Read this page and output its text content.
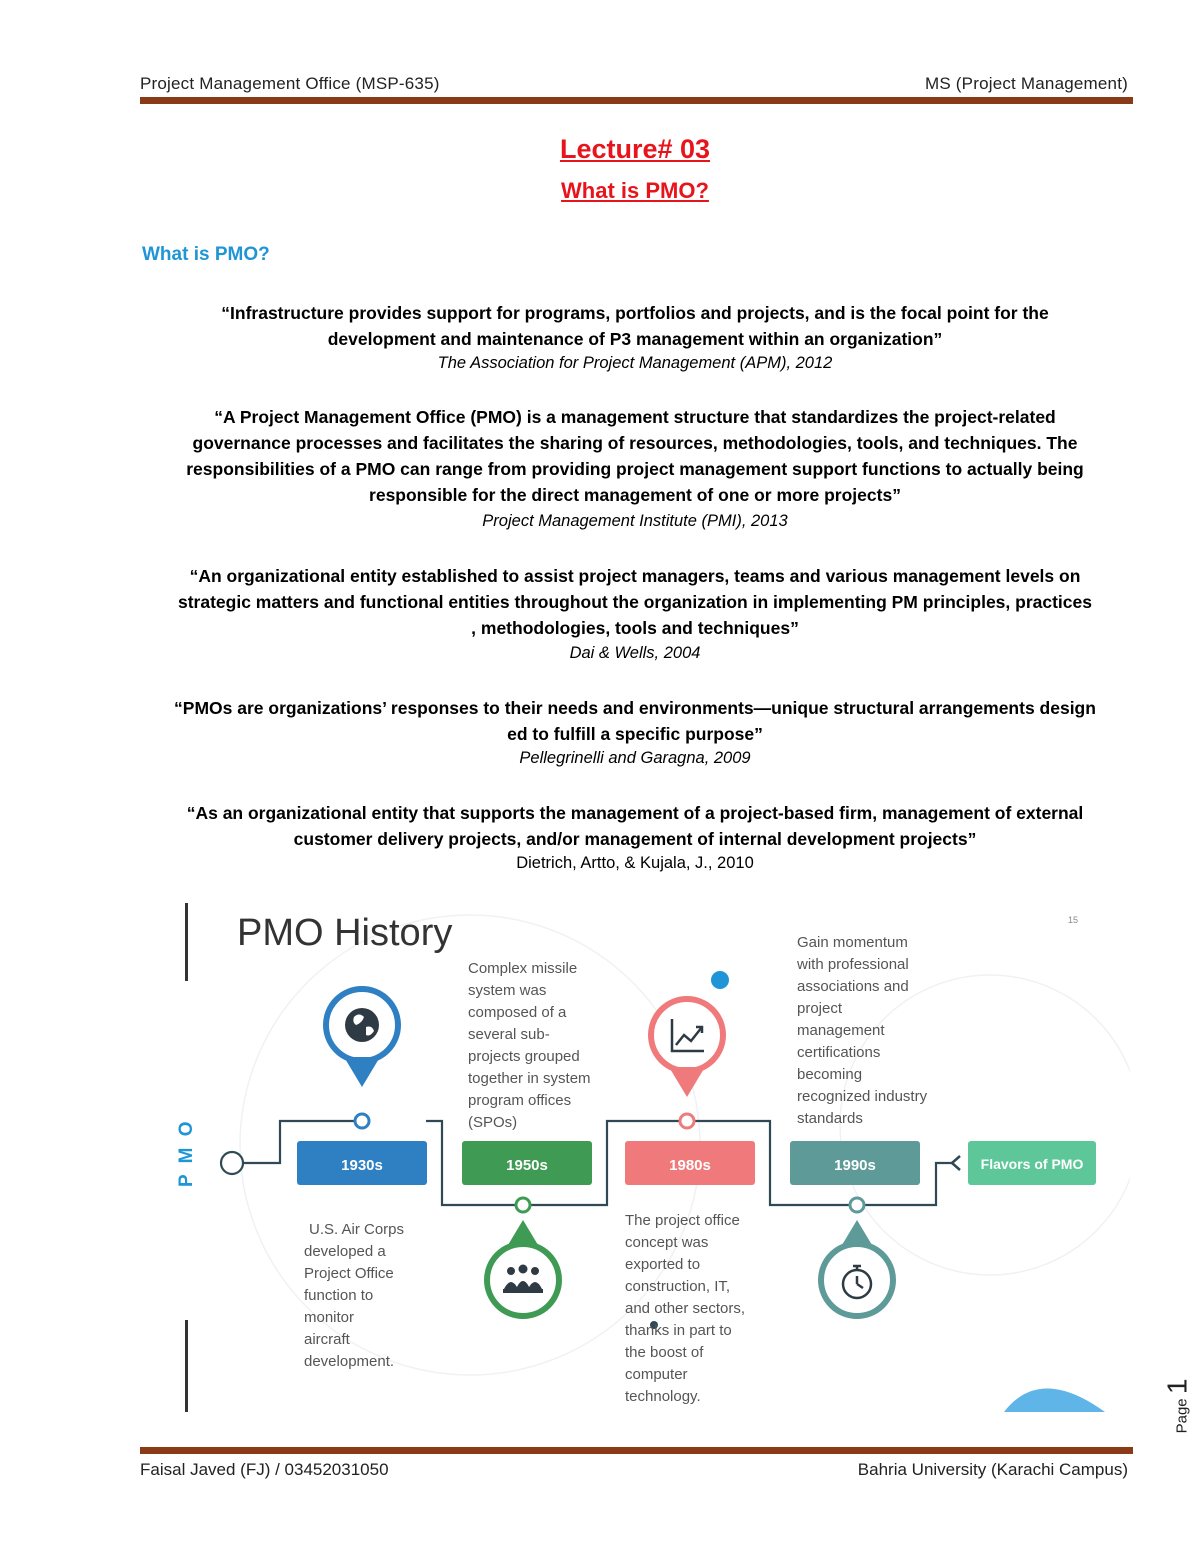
Project Management Office (MSP-635)	MS (Project Management)
Lecture# 03
What is PMO?
What is PMO?
“Infrastructure provides support for programs, portfolios and projects, and is the focal point for the
development and maintenance of P3 management within an organization”
The Association for Project Management (APM), 2012
“A Project Management Office (PMO) is a management structure that standardizes the project-related
governance processes and facilitates the sharing of resources, methodologies, tools, and techniques. The
responsibilities of a PMO can range from providing project management support functions to actually being
responsible for the direct management of one or more projects”
Project Management Institute (PMI), 2013
“An organizational entity established to assist project managers, teams and various management levels on
strategic matters and functional entities throughout the organization in implementing PM principles, practices
, methodologies, tools and techniques”
Dai & Wells, 2004
“PMOs are organizations’ responses to their needs and environments—unique structural arrangements design
ed to fulfill a specific purpose”
Pellegrinelli and Garagna, 2009
“As an organizational entity that supports the management of a project-based firm, management of external
customer delivery projects, and/or management of internal development projects”
Dietrich, Artto, & Kujala, J., 2010
PMO History	15
P M O	1930s
U.S. Air Corps developed a Project Office function to monitor aircraft development.
1950s
Complex missile system was composed of a several sub- projects grouped together in system program offices (SPOs)
1980s
The project office concept was exported to construction, IT, and other sectors, thanks in part to the boost of computer technology.
Gain momentum with professional associations and project management certifications becoming recognized industry standards
1990s	Flavors of PMO
Faisal Javed (FJ) / 03452031050	Bahria University (Karachi Campus)
Page 1
